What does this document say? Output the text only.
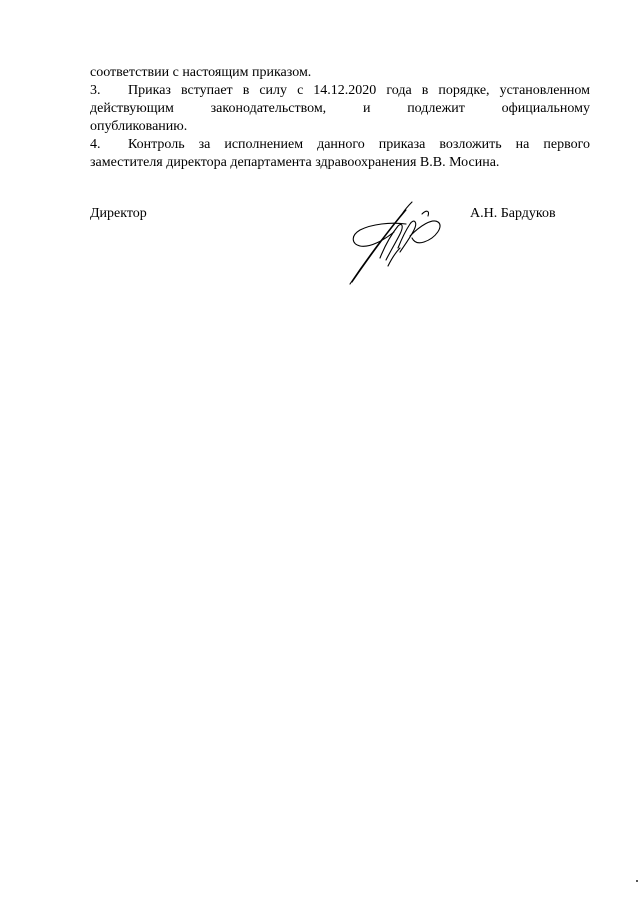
соответствии с настоящим приказом.
3. Приказ вступает в силу с 14.12.2020 года в порядке, установленном
действующим	законодательством,	и	подлежит	официальному
опубликованию.
4. Контроль за исполнением данного приказа возложить на первого
заместителя директора департамента здравоохранения В.В. Мосина.
Директор	А.Н. Бардуков
